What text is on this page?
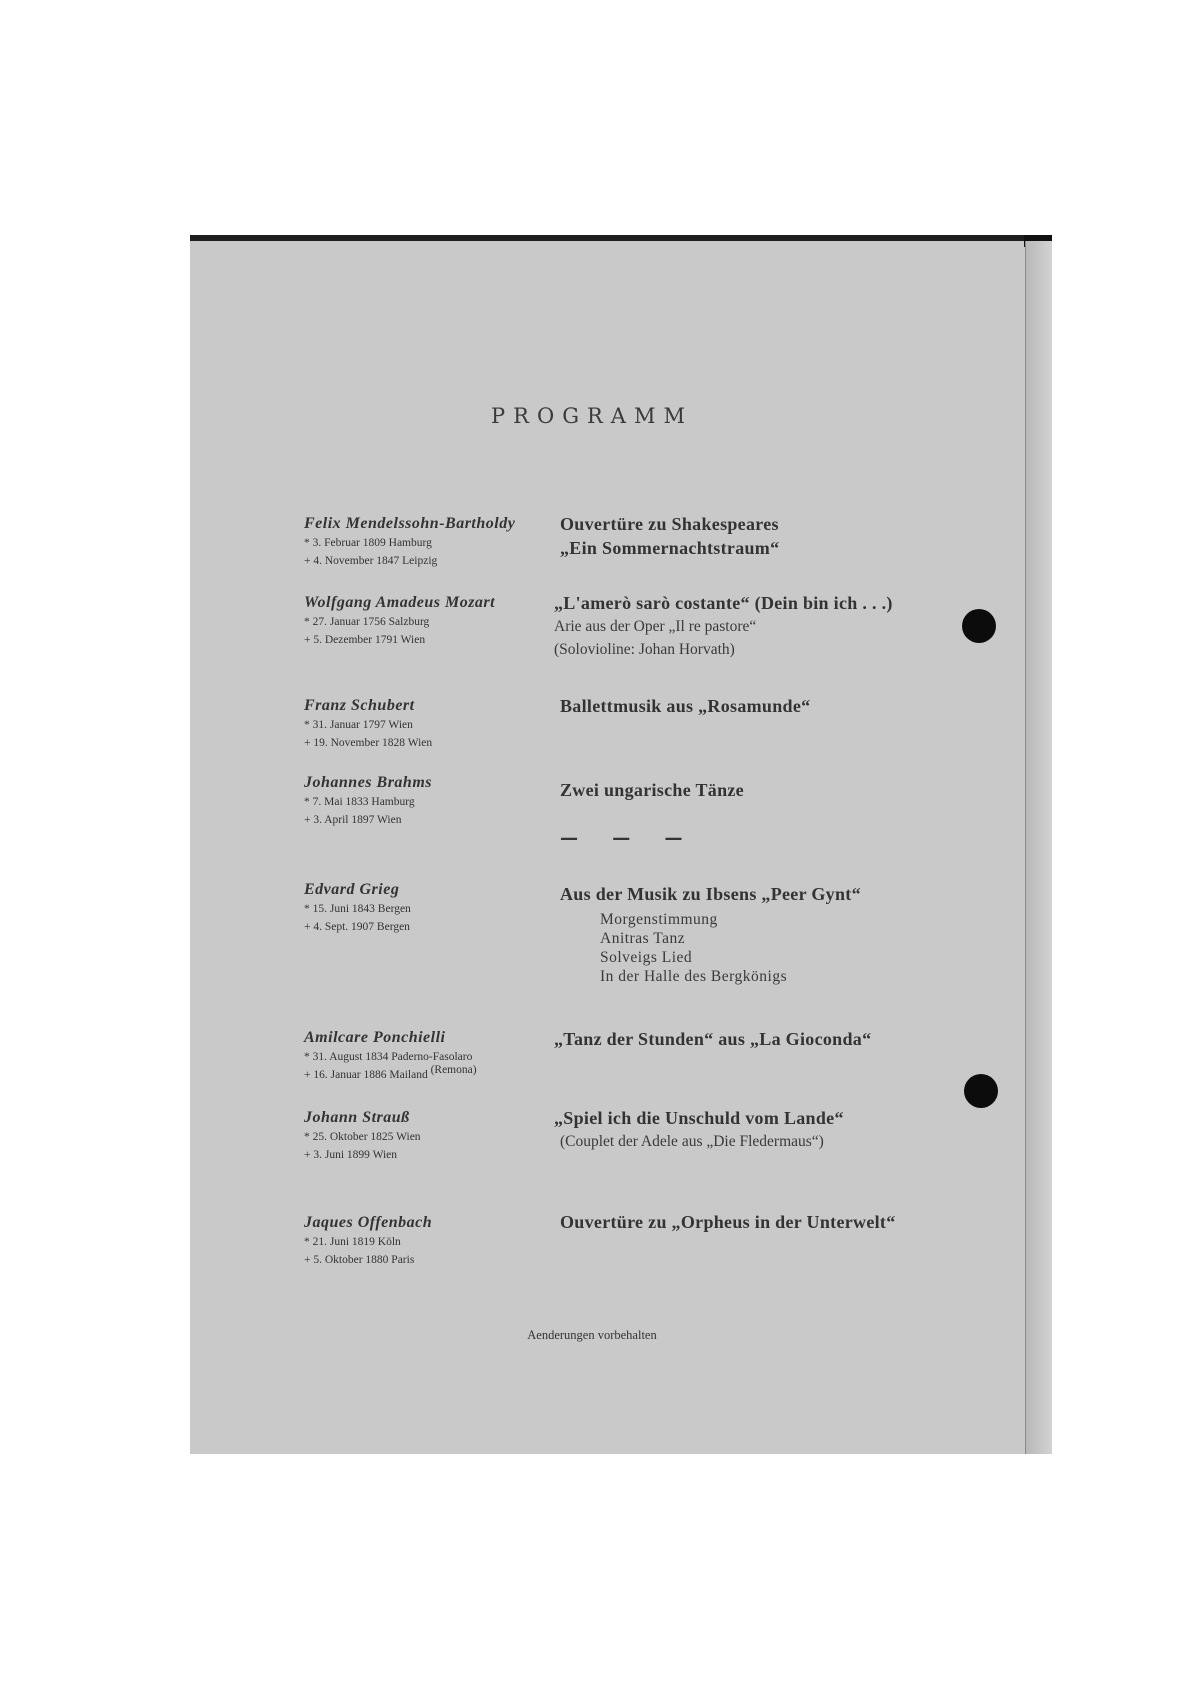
PROGRAMM
Felix Mendelssohn-Bartholdy
* 3. Februar 1809 Hamburg
+ 4. November 1847 Leipzig
Ouvertüre zu Shakespeares
„Ein Sommernachtstraum“
Wolfgang Amadeus Mozart
* 27. Januar 1756 Salzburg
+ 5. Dezember 1791 Wien
„L'amerò sarò costante“ (Dein bin ich . . .)
Arie aus der Oper „Il re pastore“
(Solovioline: Johan Horvath)
Franz Schubert
* 31. Januar 1797 Wien
+ 19. November 1828 Wien
Ballettmusik aus „Rosamunde“
Johannes Brahms
* 7. Mai 1833 Hamburg
+ 3. April 1897 Wien
Zwei ungarische Tänze
— — —
Edvard Grieg
* 15. Juni 1843 Bergen
+ 4. Sept. 1907 Bergen
Aus der Musik zu Ibsens „Peer Gynt“
Morgenstimmung
Anitras Tanz
Solveigs Lied
In der Halle des Bergkönigs
Amilcare Ponchielli
* 31. August 1834 Paderno-Fasolaro
+ 16. Januar 1886 Mailand (Remona)
„Tanz der Stunden“ aus „La Gioconda“
Johann Strauß
* 25. Oktober 1825 Wien
+ 3. Juni 1899 Wien
„Spiel ich die Unschuld vom Lande“
(Couplet der Adele aus „Die Fledermaus“)
Jaques Offenbach
* 21. Juni 1819 Köln
+ 5. Oktober 1880 Paris
Ouvertüre zu „Orpheus in der Unterwelt“
Aenderungen vorbehalten
